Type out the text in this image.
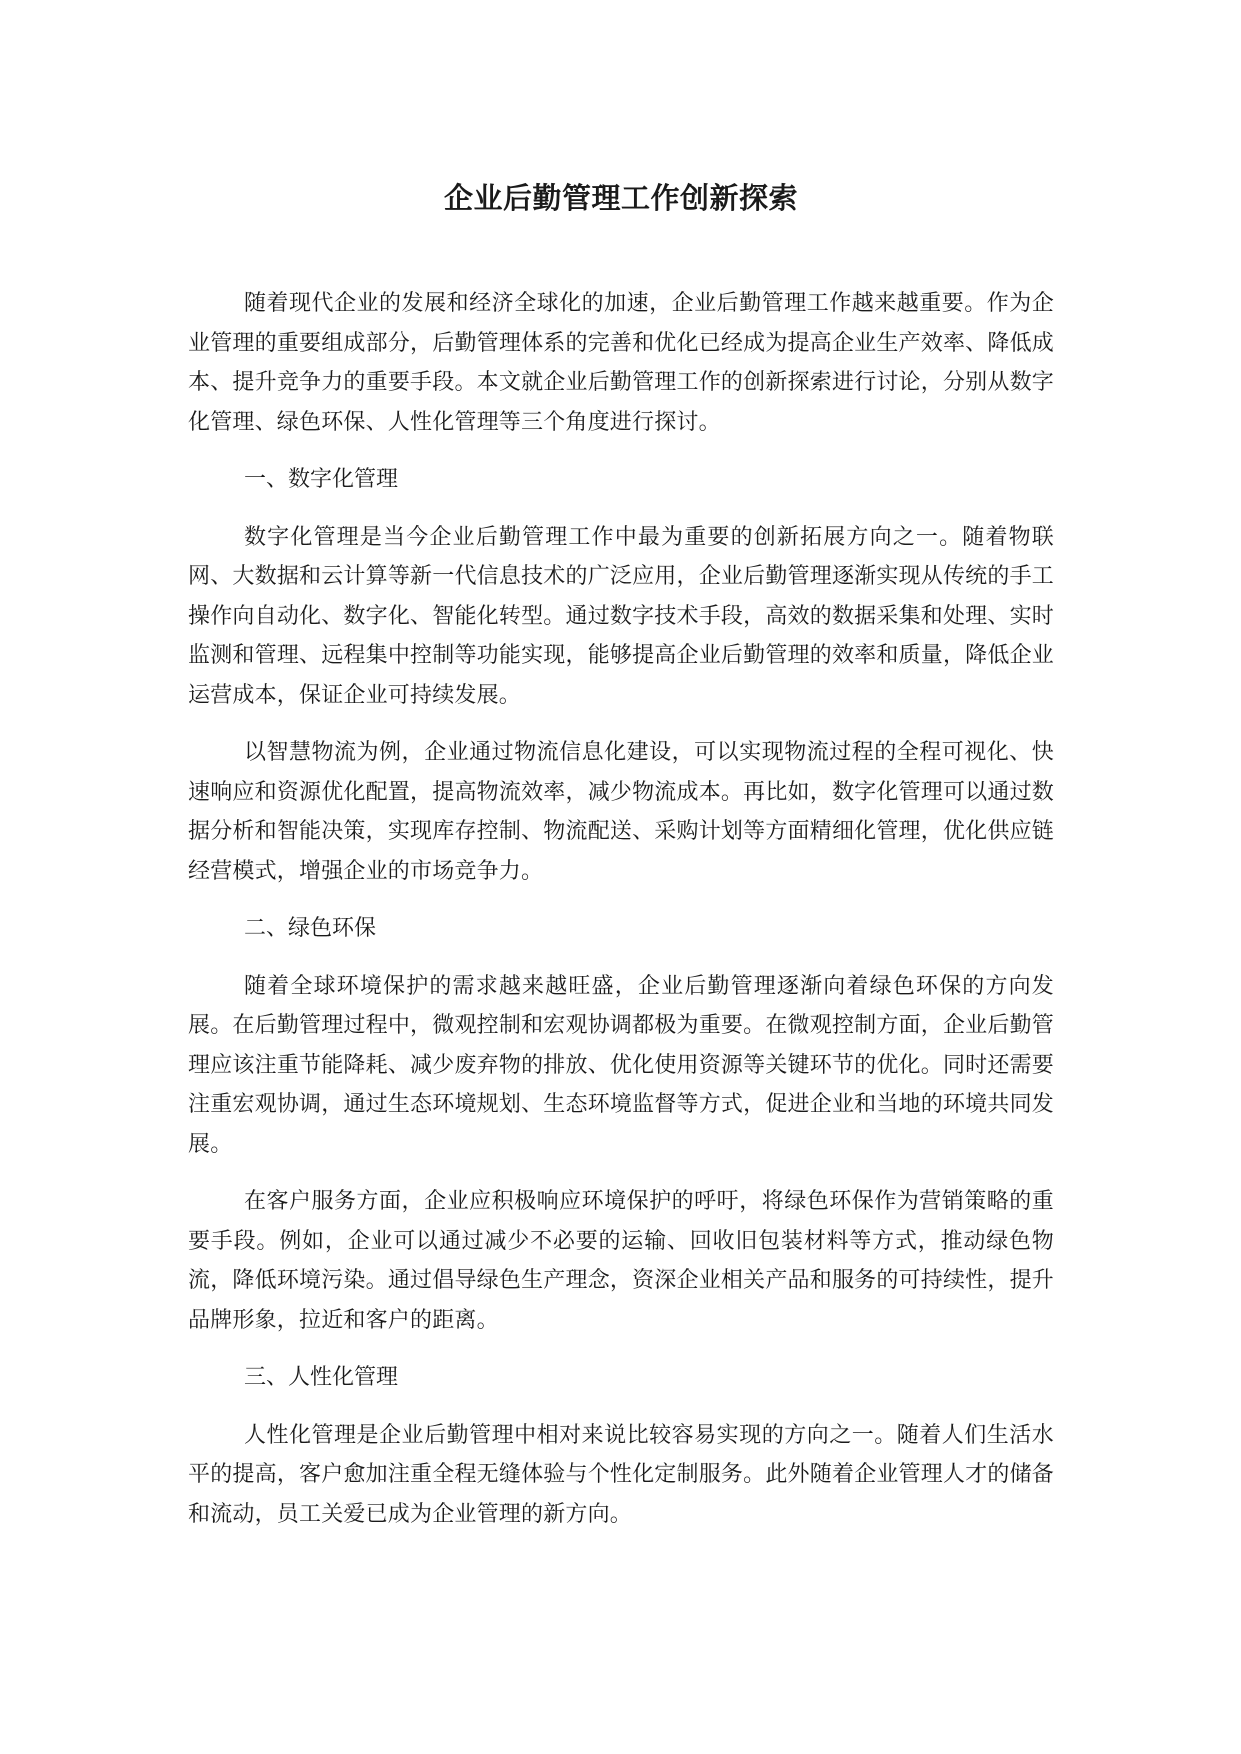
企业后勤管理工作创新探索

随着现代企业的发展和经济全球化的加速，企业后勤管理工作越来越重要。作为企业管理的重要组成部分，后勤管理体系的完善和优化已经成为提高企业生产效率、降低成本、提升竞争力的重要手段。本文就企业后勤管理工作的创新探索进行讨论，分别从数字化管理、绿色环保、人性化管理等三个角度进行探讨。

一、数字化管理

数字化管理是当今企业后勤管理工作中最为重要的创新拓展方向之一。随着物联网、大数据和云计算等新一代信息技术的广泛应用，企业后勤管理逐渐实现从传统的手工操作向自动化、数字化、智能化转型。通过数字技术手段，高效的数据采集和处理、实时监测和管理、远程集中控制等功能实现，能够提高企业后勤管理的效率和质量，降低企业运营成本，保证企业可持续发展。

以智慧物流为例，企业通过物流信息化建设，可以实现物流过程的全程可视化、快速响应和资源优化配置，提高物流效率，减少物流成本。再比如，数字化管理可以通过数据分析和智能决策，实现库存控制、物流配送、采购计划等方面精细化管理，优化供应链经营模式，增强企业的市场竞争力。

二、绿色环保

随着全球环境保护的需求越来越旺盛，企业后勤管理逐渐向着绿色环保的方向发展。在后勤管理过程中，微观控制和宏观协调都极为重要。在微观控制方面，企业后勤管理应该注重节能降耗、减少废弃物的排放、优化使用资源等关键环节的优化。同时还需要注重宏观协调，通过生态环境规划、生态环境监督等方式，促进企业和当地的环境共同发展。

在客户服务方面，企业应积极响应环境保护的呼吁，将绿色环保作为营销策略的重要手段。例如，企业可以通过减少不必要的运输、回收旧包装材料等方式，推动绿色物流，降低环境污染。通过倡导绿色生产理念，资深企业相关产品和服务的可持续性，提升品牌形象，拉近和客户的距离。

三、人性化管理

人性化管理是企业后勤管理中相对来说比较容易实现的方向之一。随着人们生活水平的提高，客户愈加注重全程无缝体验与个性化定制服务。此外随着企业管理人才的储备和流动，员工关爱已成为企业管理的新方向。
